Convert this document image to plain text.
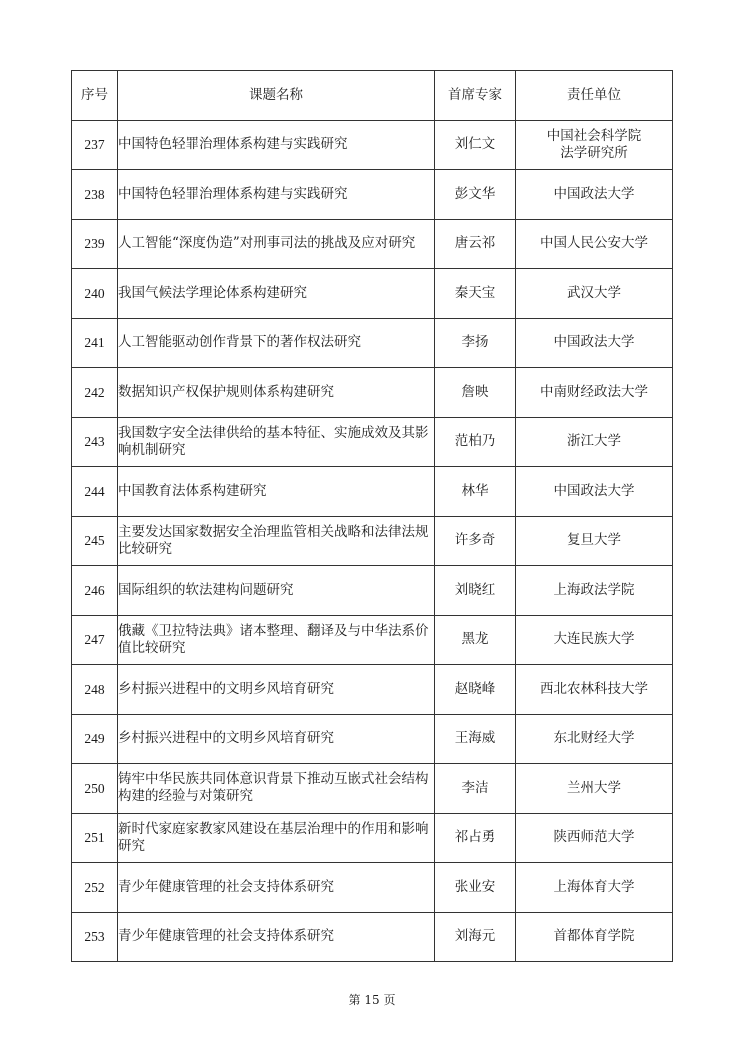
序号	课题名称	首席专家	责任单位
237	中国特色轻罪治理体系构建与实践研究	刘仁文	中国社会科学院
法学研究所

238	中国特色轻罪治理体系构建与实践研究	彭文华	中国政法大学

239	人工智能“深度伪造”对刑事司法的挑战及应对研究	唐云祁	中国人民公安大学

240	我国气候法学理论体系构建研究	秦天宝	武汉大学

241	人工智能驱动创作背景下的著作权法研究	李扬	中国政法大学

242	数据知识产权保护规则体系构建研究	詹映	中南财经政法大学

243	我国数字安全法律供给的基本特征、实施成效及其影响机制研究	范柏乃	浙江大学

244	中国教育法体系构建研究	林华	中国政法大学

245	主要发达国家数据安全治理监管相关战略和法律法规比较研究	许多奇	复旦大学

246	国际组织的软法建构问题研究	刘晓红	上海政法学院

247	俄藏《卫拉特法典》诸本整理、翻译及与中华法系价值比较研究	黑龙	大连民族大学

248	乡村振兴进程中的文明乡风培育研究	赵晓峰	西北农林科技大学

249	乡村振兴进程中的文明乡风培育研究	王海威	东北财经大学

250	铸牢中华民族共同体意识背景下推动互嵌式社会结构构建的经验与对策研究	李洁	兰州大学

251	新时代家庭家教家风建设在基层治理中的作用和影响研究	祁占勇	陕西师范大学

252	青少年健康管理的社会支持体系研究	张业安	上海体育大学

253	青少年健康管理的社会支持体系研究	刘海元	首都体育学院
第 15 页
